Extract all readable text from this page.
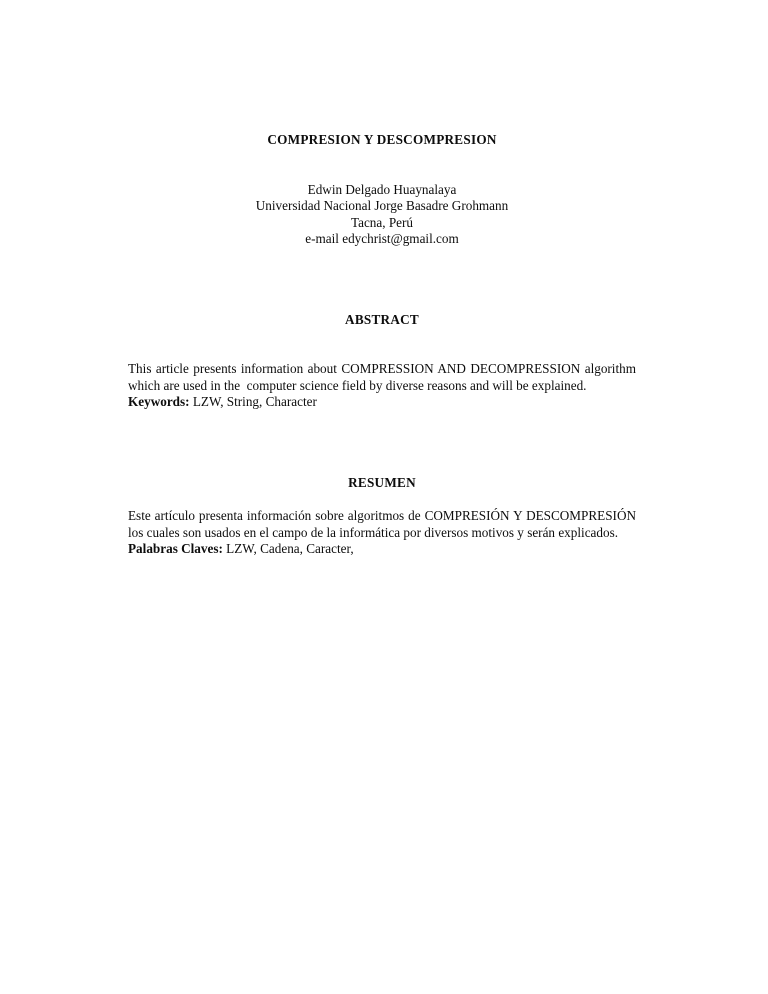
COMPRESION Y DESCOMPRESION
Edwin Delgado Huaynalaya
Universidad Nacional Jorge Basadre Grohmann
Tacna, Perú
e-mail edychrist@gmail.com
ABSTRACT

This article presents information about COMPRESSION AND DECOMPRESSION algorithm which are used in the  computer science field by diverse reasons and will be explained.

Keywords: LZW, String, Character

RESUMEN

Este artículo presenta información sobre algoritmos de COMPRESIÓN Y DESCOMPRESIÓN los cuales son usados en el campo de la informática por diversos motivos y serán explicados.

Palabras Claves: LZW, Cadena, Caracter,
